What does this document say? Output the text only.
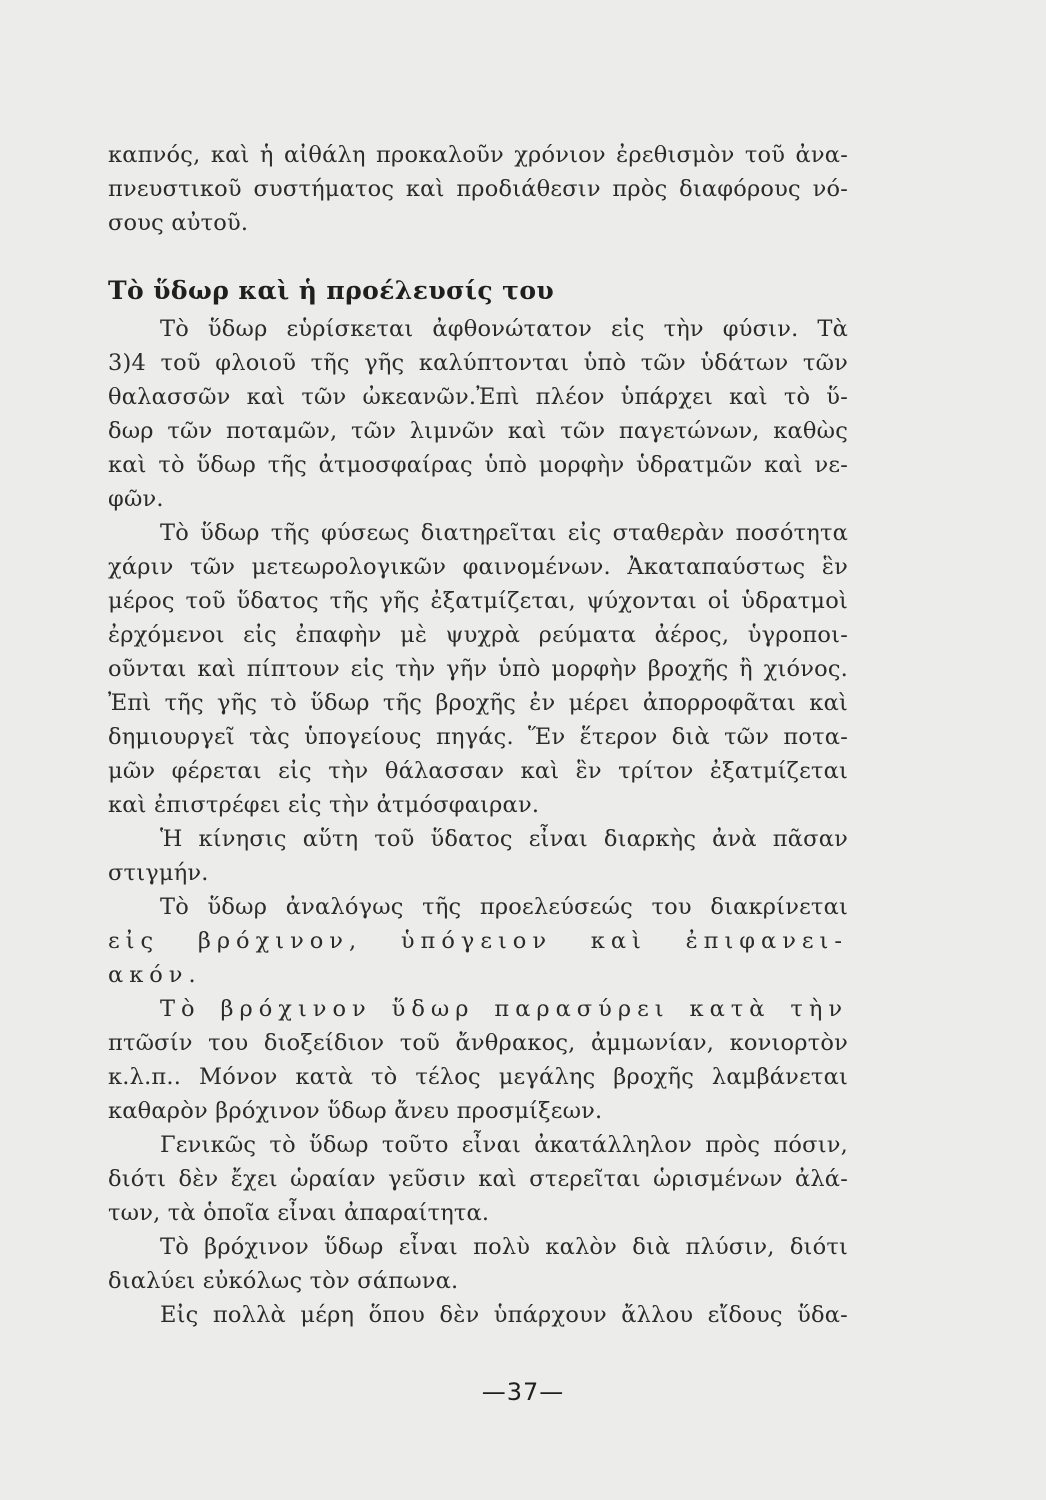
καπνός, καὶ ἡ αἰθάλη προκαλοῦν χρόνιον ἐρεθισμὸν τοῦ ἀνα-
πνευστικοῦ συστήματος καὶ προδιάθεσιν πρὸς διαφόρους νό-
σους αὐτοῦ.
Τὸ ὕδωρ καὶ ἡ προέλευσίς του
Τὸ ὕδωρ εὑρίσκεται ἀφθονώτατον εἰς τὴν φύσιν. Τὰ
3)4 τοῦ φλοιοῦ τῆς γῆς καλύπτονται ὑπὸ τῶν ὑδάτων τῶν
θαλασσῶν καὶ τῶν ὠκεανῶν.Ἐπὶ πλέον ὑπάρχει καὶ τὸ ὕ-
δωρ τῶν ποταμῶν, τῶν λιμνῶν καὶ τῶν παγετώνων, καθὼς
καὶ τὸ ὕδωρ τῆς ἀτμοσφαίρας ὑπὸ μορφὴν ὑδρατμῶν καὶ νε-
φῶν.
Τὸ ὕδωρ τῆς φύσεως διατηρεῖται εἰς σταθερὰν ποσότητα
χάριν τῶν μετεωρολογικῶν φαινομένων. Ἀκαταπαύστως ἓν
μέρος τοῦ ὕδατος τῆς γῆς ἐξατμίζεται, ψύχονται οἱ ὑδρατμοὶ
ἐρχόμενοι εἰς ἐπαφὴν μὲ ψυχρὰ ρεύματα ἀέρος, ὑγροποι-
οῦνται καὶ πίπτουν εἰς τὴν γῆν ὑπὸ μορφὴν βροχῆς ἢ χιόνος.
Ἐπὶ τῆς γῆς τὸ ὕδωρ τῆς βροχῆς ἐν μέρει ἀπορροφᾶται καὶ
δημιουργεῖ τὰς ὑπογείους πηγάς. Ἕν ἕτερον διὰ τῶν ποτα-
μῶν φέρεται εἰς τὴν θάλασσαν καὶ ἓν τρίτον ἐξατμίζεται
καὶ ἐπιστρέφει εἰς τὴν ἀτμόσφαιραν.
Ἡ κίνησις αὕτη τοῦ ὕδατος εἶναι διαρκὴς ἀνὰ πᾶσαν
στιγμήν.
Τὸ ὕδωρ ἀναλόγως τῆς προελεύσεώς του διακρίνεται
εἰς βρόχινον, ὑπόγειον καὶ ἐπιφανει-
ακόν.
Τὸ βρόχινον ὕδωρ παρασύρει κατὰ τὴν
πτῶσίν του διοξείδιον τοῦ ἄνθρακος, ἀμμωνίαν, κονιορτὸν
κ.λ.π.. Μόνον κατὰ τὸ τέλος μεγάλης βροχῆς λαμβάνεται
καθαρὸν βρόχινον ὕδωρ ἄνευ προσμίξεων.
Γενικῶς τὸ ὕδωρ τοῦτο εἶναι ἀκατάλληλον πρὸς πόσιν,
διότι δὲν ἔχει ὡραίαν γεῦσιν καὶ στερεῖται ὡρισμένων ἀλά-
των, τὰ ὁποῖα εἶναι ἀπαραίτητα.
Τὸ βρόχινον ὕδωρ εἶναι πολὺ καλὸν διὰ πλύσιν, διότι
διαλύει εὐκόλως τὸν σάπωνα.
Εἰς πολλὰ μέρη ὅπου δὲν ὑπάρχουν ἄλλου εἴδους ὕδα-
—37—
